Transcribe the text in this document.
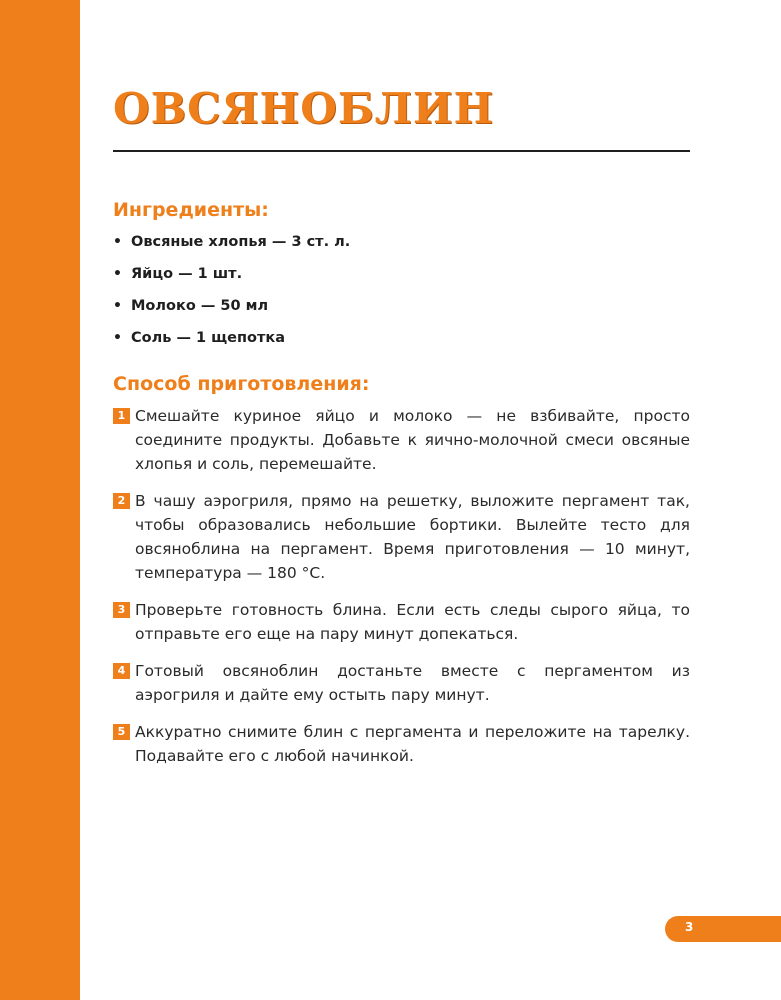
ОВСЯНОБЛИН
Ингредиенты:
• Овсяные хлопья — 3 ст. л.
• Яйцо — 1 шт.
• Молоко — 50 мл
• Соль — 1 щепотка
Способ приготовления:
1 Смешайте куриное яйцо и молоко — не взбивайте, просто соедините продукты. Добавьте к яично-молочной смеси овсяные хлопья и соль, перемешайте.
2 В чашу аэрогриля, прямо на решетку, выложите пергамент так, чтобы образовались небольшие бортики. Вылейте тесто для овсяноблина на пергамент. Время приготовления — 10 минут, температура — 180 °С.
3 Проверьте готовность блина. Если есть следы сырого яйца, то отправьте его еще на пару минут допекаться.
4 Готовый овсяноблин достаньте вместе с пергаментом из аэрогриля и дайте ему остыть пару минут.
5 Аккуратно снимите блин с пергамента и переложите на тарелку. Подавайте его с любой начинкой.
3
